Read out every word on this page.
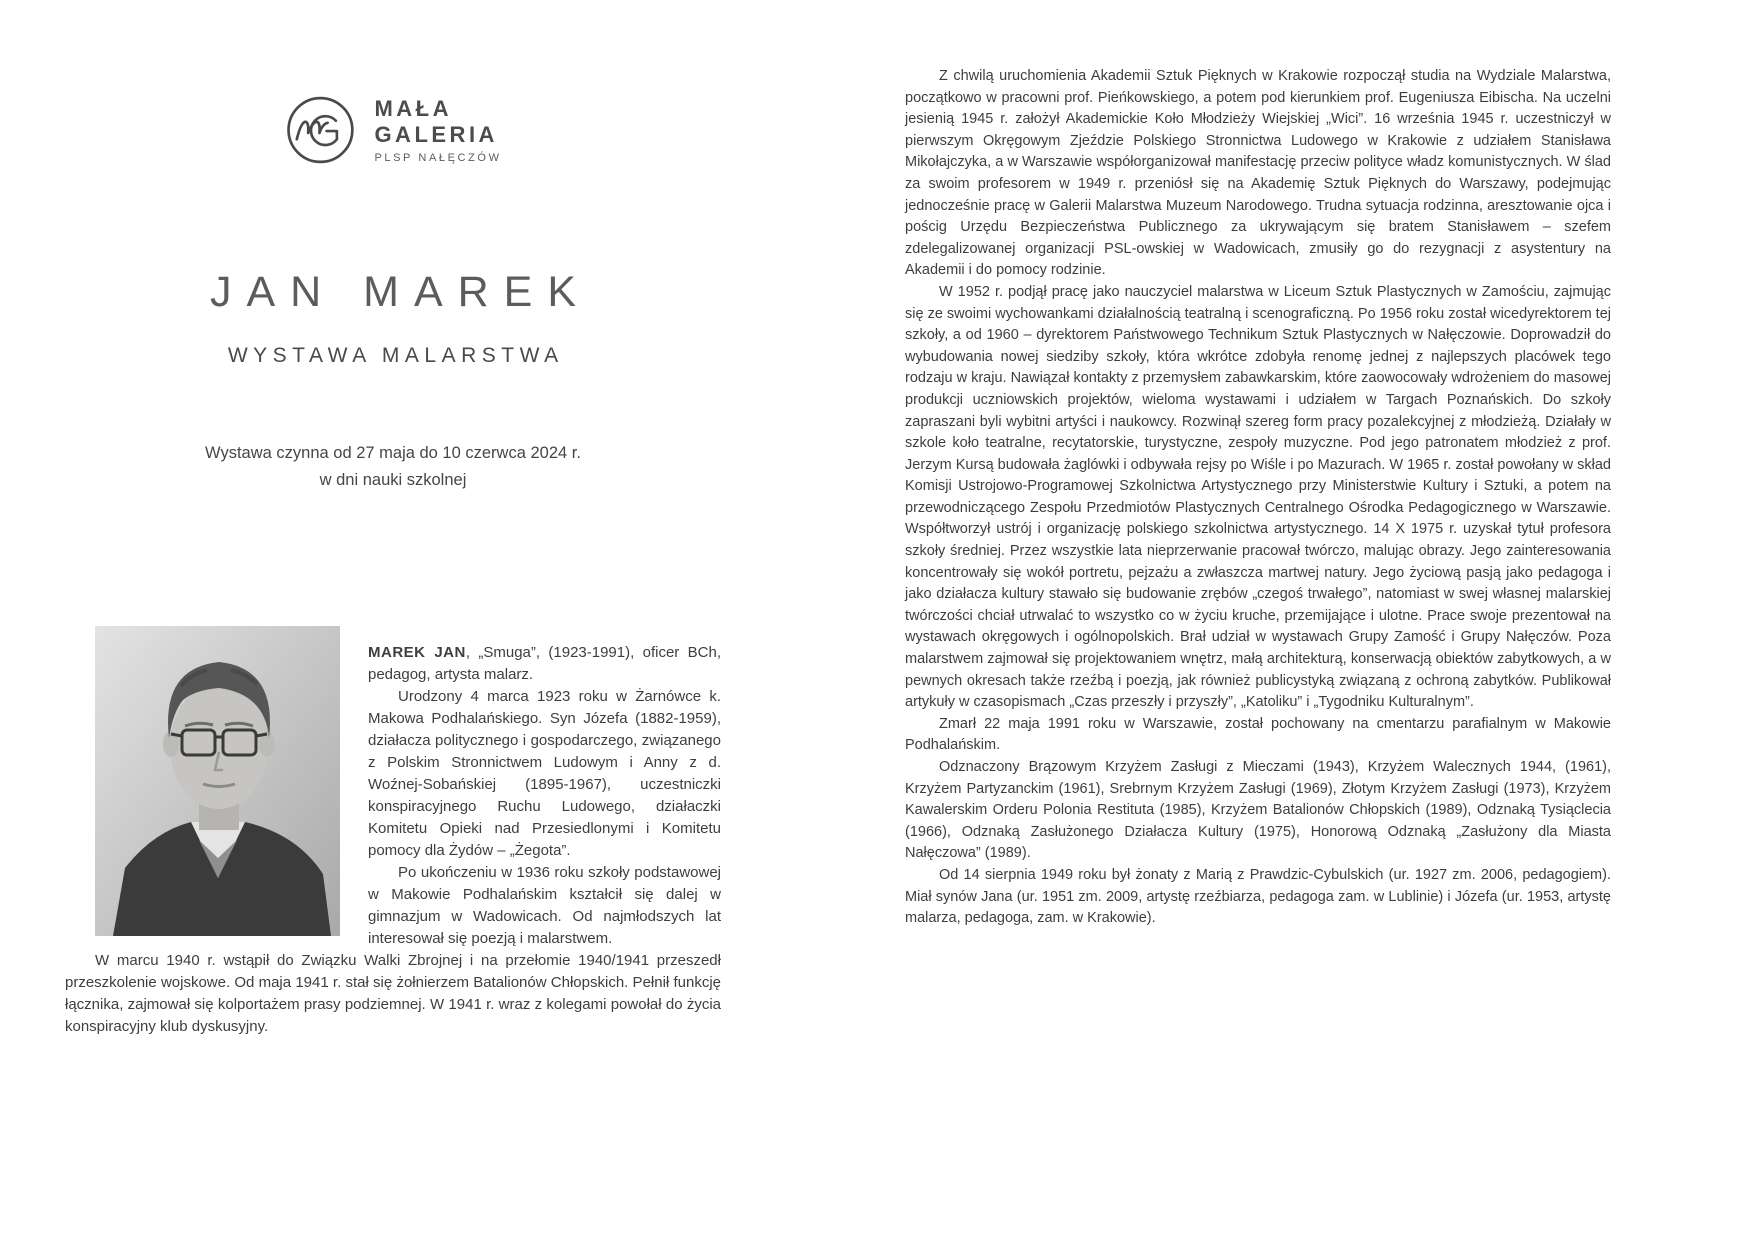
MAŁA
GALERIA
PLSP NAŁĘCZÓW
JAN MAREK
WYSTAWA MALARSTWA

Wystawa czynna od 27 maja do 10 czerwca 2024 r.
w dni nauki szkolnej

MAREK JAN, „Smuga”, (1923-1991), oficer BCh, pedagog, artysta malarz.

Urodzony 4 marca 1923 roku w Żarnówce k. Makowa Podhalańskiego. Syn Józefa (1882-1959), działacza politycznego i gospodarczego, związanego z Polskim Stronnictwem Ludowym i Anny z d. Woźnej-Sobańskiej (1895-1967), uczestniczki konspiracyjnego Ruchu Ludowego, działaczki Komitetu Opieki nad Przesiedlonymi i Komitetu pomocy dla Żydów – „Żegota”.

Po ukończeniu w 1936 roku szkoły podstawowej w Makowie Podhalańskim kształcił się dalej w gimnazjum w Wadowicach. Od najmłodszych lat interesował się poezją i malarstwem.

W marcu 1940 r. wstąpił do Związku Walki Zbrojnej i na przełomie 1940/1941 przeszedł przeszkolenie wojskowe. Od maja 1941 r. stał się żołnierzem Batalionów Chłopskich. Pełnił funkcję łącznika, zajmował się kolportażem prasy podziemnej. W 1941 r. wraz z kolegami powołał do życia konspiracyjny klub dyskusyjny.

Z chwilą uruchomienia Akademii Sztuk Pięknych w Krakowie rozpoczął studia na Wydziale Malarstwa, początkowo w pracowni prof. Pieńkowskiego, a potem pod kierunkiem prof. Eugeniusza Eibischa. Na uczelni jesienią 1945 r. założył Akademickie Koło Młodzieży Wiejskiej „Wici”. 16 września 1945 r. uczestniczył w pierwszym Okręgowym Zjeździe Polskiego Stronnictwa Ludowego w Krakowie z udziałem Stanisława Mikołajczyka, a w Warszawie współorganizował manifestację przeciw polityce władz komunistycznych. W ślad za swoim profesorem w 1949 r. przeniósł się na Akademię Sztuk Pięknych do Warszawy, podejmując jednocześnie pracę w Galerii Malarstwa Muzeum Narodowego. Trudna sytuacja rodzinna, aresztowanie ojca i pościg Urzędu Bezpieczeństwa Publicznego za ukrywającym się bratem Stanisławem – szefem zdelegalizowanej organizacji PSL-owskiej w Wadowicach, zmusiły go do rezygnacji z asystentury na Akademii i do pomocy rodzinie.

W 1952 r. podjął pracę jako nauczyciel malarstwa w Liceum Sztuk Plastycznych w Zamościu, zajmując się ze swoimi wychowankami działalnością teatralną i scenograficzną. Po 1956 roku został wicedyrektorem tej szkoły, a od 1960 – dyrektorem Państwowego Technikum Sztuk Plastycznych w Nałęczowie. Doprowadził do wybudowania nowej siedziby szkoły, która wkrótce zdobyła renomę jednej z najlepszych placówek tego rodzaju w kraju. Nawiązał kontakty z przemysłem zabawkarskim, które zaowocowały wdrożeniem do masowej produkcji uczniowskich projektów, wieloma wystawami i udziałem w Targach Poznańskich. Do szkoły zapraszani byli wybitni artyści i naukowcy. Rozwinął szereg form pracy pozalekcyjnej z młodzieżą. Działały w szkole koło teatralne, recytatorskie, turystyczne, zespoły muzyczne. Pod jego patronatem młodzież z prof. Jerzym Kursą budowała żaglówki i odbywała rejsy po Wiśle i po Mazurach. W 1965 r. został powołany w skład Komisji Ustrojowo-Programowej Szkolnictwa Artystycznego przy Ministerstwie Kultury i Sztuki, a potem na przewodniczącego Zespołu Przedmiotów Plastycznych Centralnego Ośrodka Pedagogicznego w Warszawie. Współtworzył ustrój i organizację polskiego szkolnictwa artystycznego. 14 X 1975 r. uzyskał tytuł profesora szkoły średniej. Przez wszystkie lata nieprzerwanie pracował twórczo, malując obrazy. Jego zainteresowania koncentrowały się wokół portretu, pejzażu a zwłaszcza martwej natury. Jego życiową pasją jako pedagoga i jako działacza kultury stawało się budowanie zrębów „czegoś trwałego”, natomiast w swej własnej malarskiej twórczości chciał utrwalać to wszystko co w życiu kruche, przemijające i ulotne. Prace swoje prezentował na wystawach okręgowych i ogólnopolskich. Brał udział w wystawach Grupy Zamość i Grupy Nałęczów. Poza malarstwem zajmował się projektowaniem wnętrz, małą architekturą, konserwacją obiektów zabytkowych, a w pewnych okresach także rzeźbą i poezją, jak również publicystyką związaną z ochroną zabytków. Publikował artykuły w czasopismach „Czas przeszły i przyszły”, „Katoliku” i „Tygodniku Kulturalnym”.

Zmarł 22 maja 1991 roku w Warszawie, został pochowany na cmentarzu parafialnym w Makowie Podhalańskim.

Odznaczony Brązowym Krzyżem Zasługi z Mieczami (1943), Krzyżem Walecznych 1944, (1961), Krzyżem Partyzanckim (1961), Srebrnym Krzyżem Zasługi (1969), Złotym Krzyżem Zasługi (1973), Krzyżem Kawalerskim Orderu Polonia Restituta (1985), Krzyżem Batalionów Chłopskich (1989), Odznaką Tysiąclecia (1966), Odznaką Zasłużonego Działacza Kultury (1975), Honorową Odznaką „Zasłużony dla Miasta Nałęczowa” (1989).

Od 14 sierpnia 1949 roku był żonaty z Marią z Prawdzic-Cybulskich (ur. 1927 zm. 2006, pedagogiem). Miał synów Jana (ur. 1951 zm. 2009, artystę rzeźbiarza, pedagoga zam. w Lublinie) i Józefa (ur. 1953, artystę malarza, pedagoga, zam. w Krakowie).
